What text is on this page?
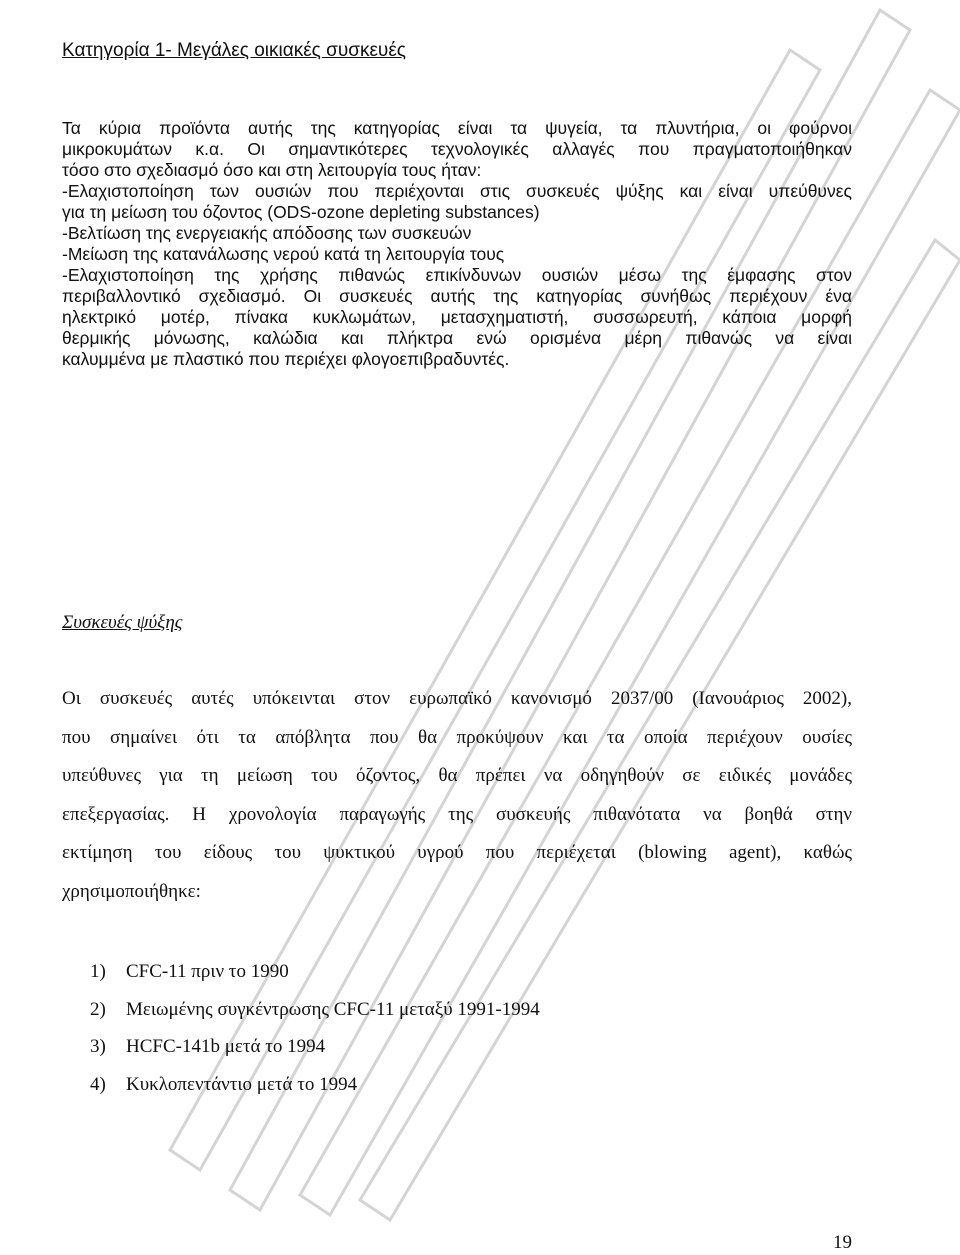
Κατηγορία 1- Μεγάλες οικιακές συσκευές
Τα κύρια προϊόντα αυτής της κατηγορίας είναι τα ψυγεία, τα πλυντήρια, οι φούρνοι
μικροκυμάτων κ.α. Οι σημαντικότερες τεχνολογικές αλλαγές που πραγματοποιήθηκαν
τόσο στο σχεδιασμό όσο και στη λειτουργία τους ήταν:
-Ελαχιστοποίηση των ουσιών που περιέχονται στις συσκευές ψύξης και είναι υπεύθυνες
για τη μείωση του όζοντος (ODS-ozone depleting substances)
-Βελτίωση της ενεργειακής απόδοσης των συσκευών
-Μείωση της κατανάλωσης νερού κατά τη λειτουργία τους
-Ελαχιστοποίηση της χρήσης πιθανώς επικίνδυνων ουσιών μέσω της έμφασης στον
περιβαλλοντικό σχεδιασμό. Οι συσκευές αυτής της κατηγορίας συνήθως περιέχουν ένα
ηλεκτρικό μοτέρ, πίνακα κυκλωμάτων, μετασχηματιστή, συσσωρευτή, κάποια μορφή
θερμικής μόνωσης, καλώδια και πλήκτρα ενώ ορισμένα μέρη πιθανώς να είναι
καλυμμένα με πλαστικό που περιέχει φλογοεπιβραδυντές.
Συσκευές ψύξης
Οι συσκευές αυτές υπόκεινται στον ευρωπαϊκό κανονισμό 2037/00 (Ιανουάριος 2002),
που σημαίνει ότι τα απόβλητα που θα προκύψουν και τα οποία περιέχουν ουσίες
υπεύθυνες για τη μείωση του όζοντος, θα πρέπει να οδηγηθούν σε ειδικές μονάδες
επεξεργασίας. Η χρονολογία παραγωγής της συσκευής πιθανότατα να βοηθά στην
εκτίμηση του είδους του ψυκτικού υγρού που περιέχεται (blowing agent), καθώς
χρησιμοποιήθηκε:
1) CFC-11 πριν το 1990
2) Μειωμένης συγκέντρωσης CFC-11 μεταξύ 1991-1994
3) HCFC-141b μετά το 1994
4) Κυκλοπεντάντιο μετά το 1994
19
